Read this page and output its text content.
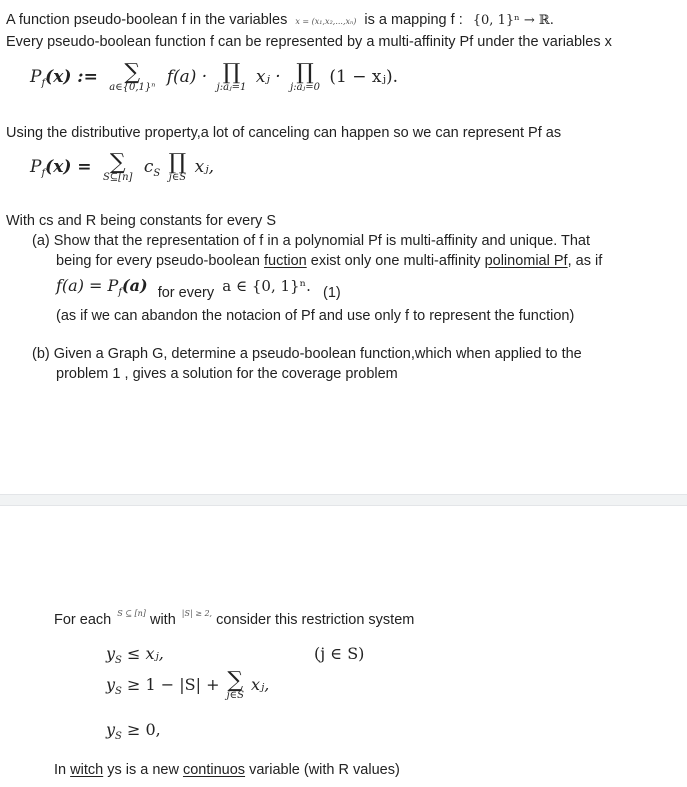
A function pseudo-boolean f in the variables x = (x₁,x₂,...,xₙ) is a mapping f : {0, 1}ⁿ → ℝ.
Every pseudo-boolean function f can be represented by a multi-affinity Pf under the variables x
$P_f(x)$ := ∑
a∈{0,1}ⁿ
f(a) · ∏
j:aⱼ=1
xⱼ · ∏
j:aⱼ=0
(1 − xⱼ).
Using the distributive property,a lot of canceling can happen so we can represent Pf as
$P_f(x)$ = ∑
S⊆[n]
$c_S$ ∏
j∈S
xⱼ,
With cs and R being constants for every S
(a) Show that the representation of f in a polynomial Pf is multi-affinity and unique. That
being for every pseudo-boolean fuction exist only one multi-affinity polinomial Pf, as if
$f(a) = P_f(a)$ for every a ∈ {0, 1}ⁿ. (1)
(as if we can abandon the notacion of Pf and use only f to represent the function)
(b) Given a Graph G, determine a pseudo-boolean function,which when applied to the
problem 1 , gives a solution for the coverage problem
For each $^{S ⊆ [n]}$ with $^{|S| \ge 2,}$ consider this restriction system
$y_S$ ≤ xⱼ,	(j ∈ S)
$y_S \ge 1 - |S|$ + ∑
j∈S
xⱼ,
$y_S \ge 0$,
In witch ys is a new continuos variable (with R values)
